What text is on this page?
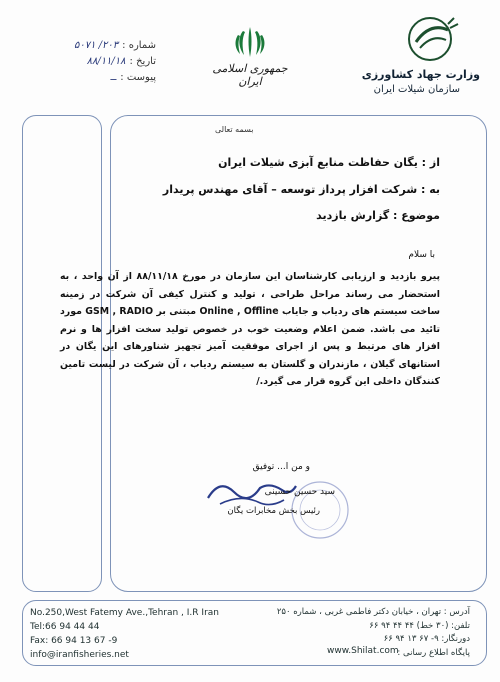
جمهوری اسلامی ایران
وزارت جهاد کشاورزی
سازمان شیلات ایران
شماره :
۲۰۳/ ۵۰۷۱
تاریخ :
۸۸/۱۱/۱۸
پیوست :
ــ
بسمه تعالی
از : یگان حفاظت منابع آبزی شیلات ایران
به : شرکت افزار پرداز توسعه – آقای مهندس پریدار
موضوع : گزارش بازدید
با سلام
پیرو بازدید و ارزیابی کارشناسان این سازمان در مورخ ۸۸/۱۱/۱۸ از آن واحد ، به استحضار می رساند مراحل طراحی ، تولید و کنترل کیفی آن شرکت در زمینه ساخت سیستم های ردیاب و جایاب Online , Offline مبتنی بر GSM , RADIO مورد تائید می باشد. ضمن اعلام وضعیت خوب در خصوص تولید سخت افزار ها و نرم افزار های مرتبط و پس از اجرای موفقیت آمیز تجهیز شناورهای این یگان در استانهای گیلان ، مازندران و گلستان به سیستم ردیاب ، آن شرکت در لیست تامین کنندگان داخلی این گروه قرار می گیرد./
و من ا... توفیق
سید حسین حسینی
رئیس بخش مخابرات یگان
No.250,West Fatemy Ave.,Tehran , I.R Iran
Tel:66 94 44 44
Fax: 66 94 13 67 -9
info@iranfisheries.net
آدرس : تهران ، خیابان دکتر فاطمی غربی ، شماره ۲۵۰
تلفن: (۳۰ خط) ۴۴ ۴۴ ۹۴ ۶۶
دورنگار: ۹- ۶۷ ۱۳ ۹۴ ۶۶
پایگاه اطلاع رسانی :
www.Shilat.com
